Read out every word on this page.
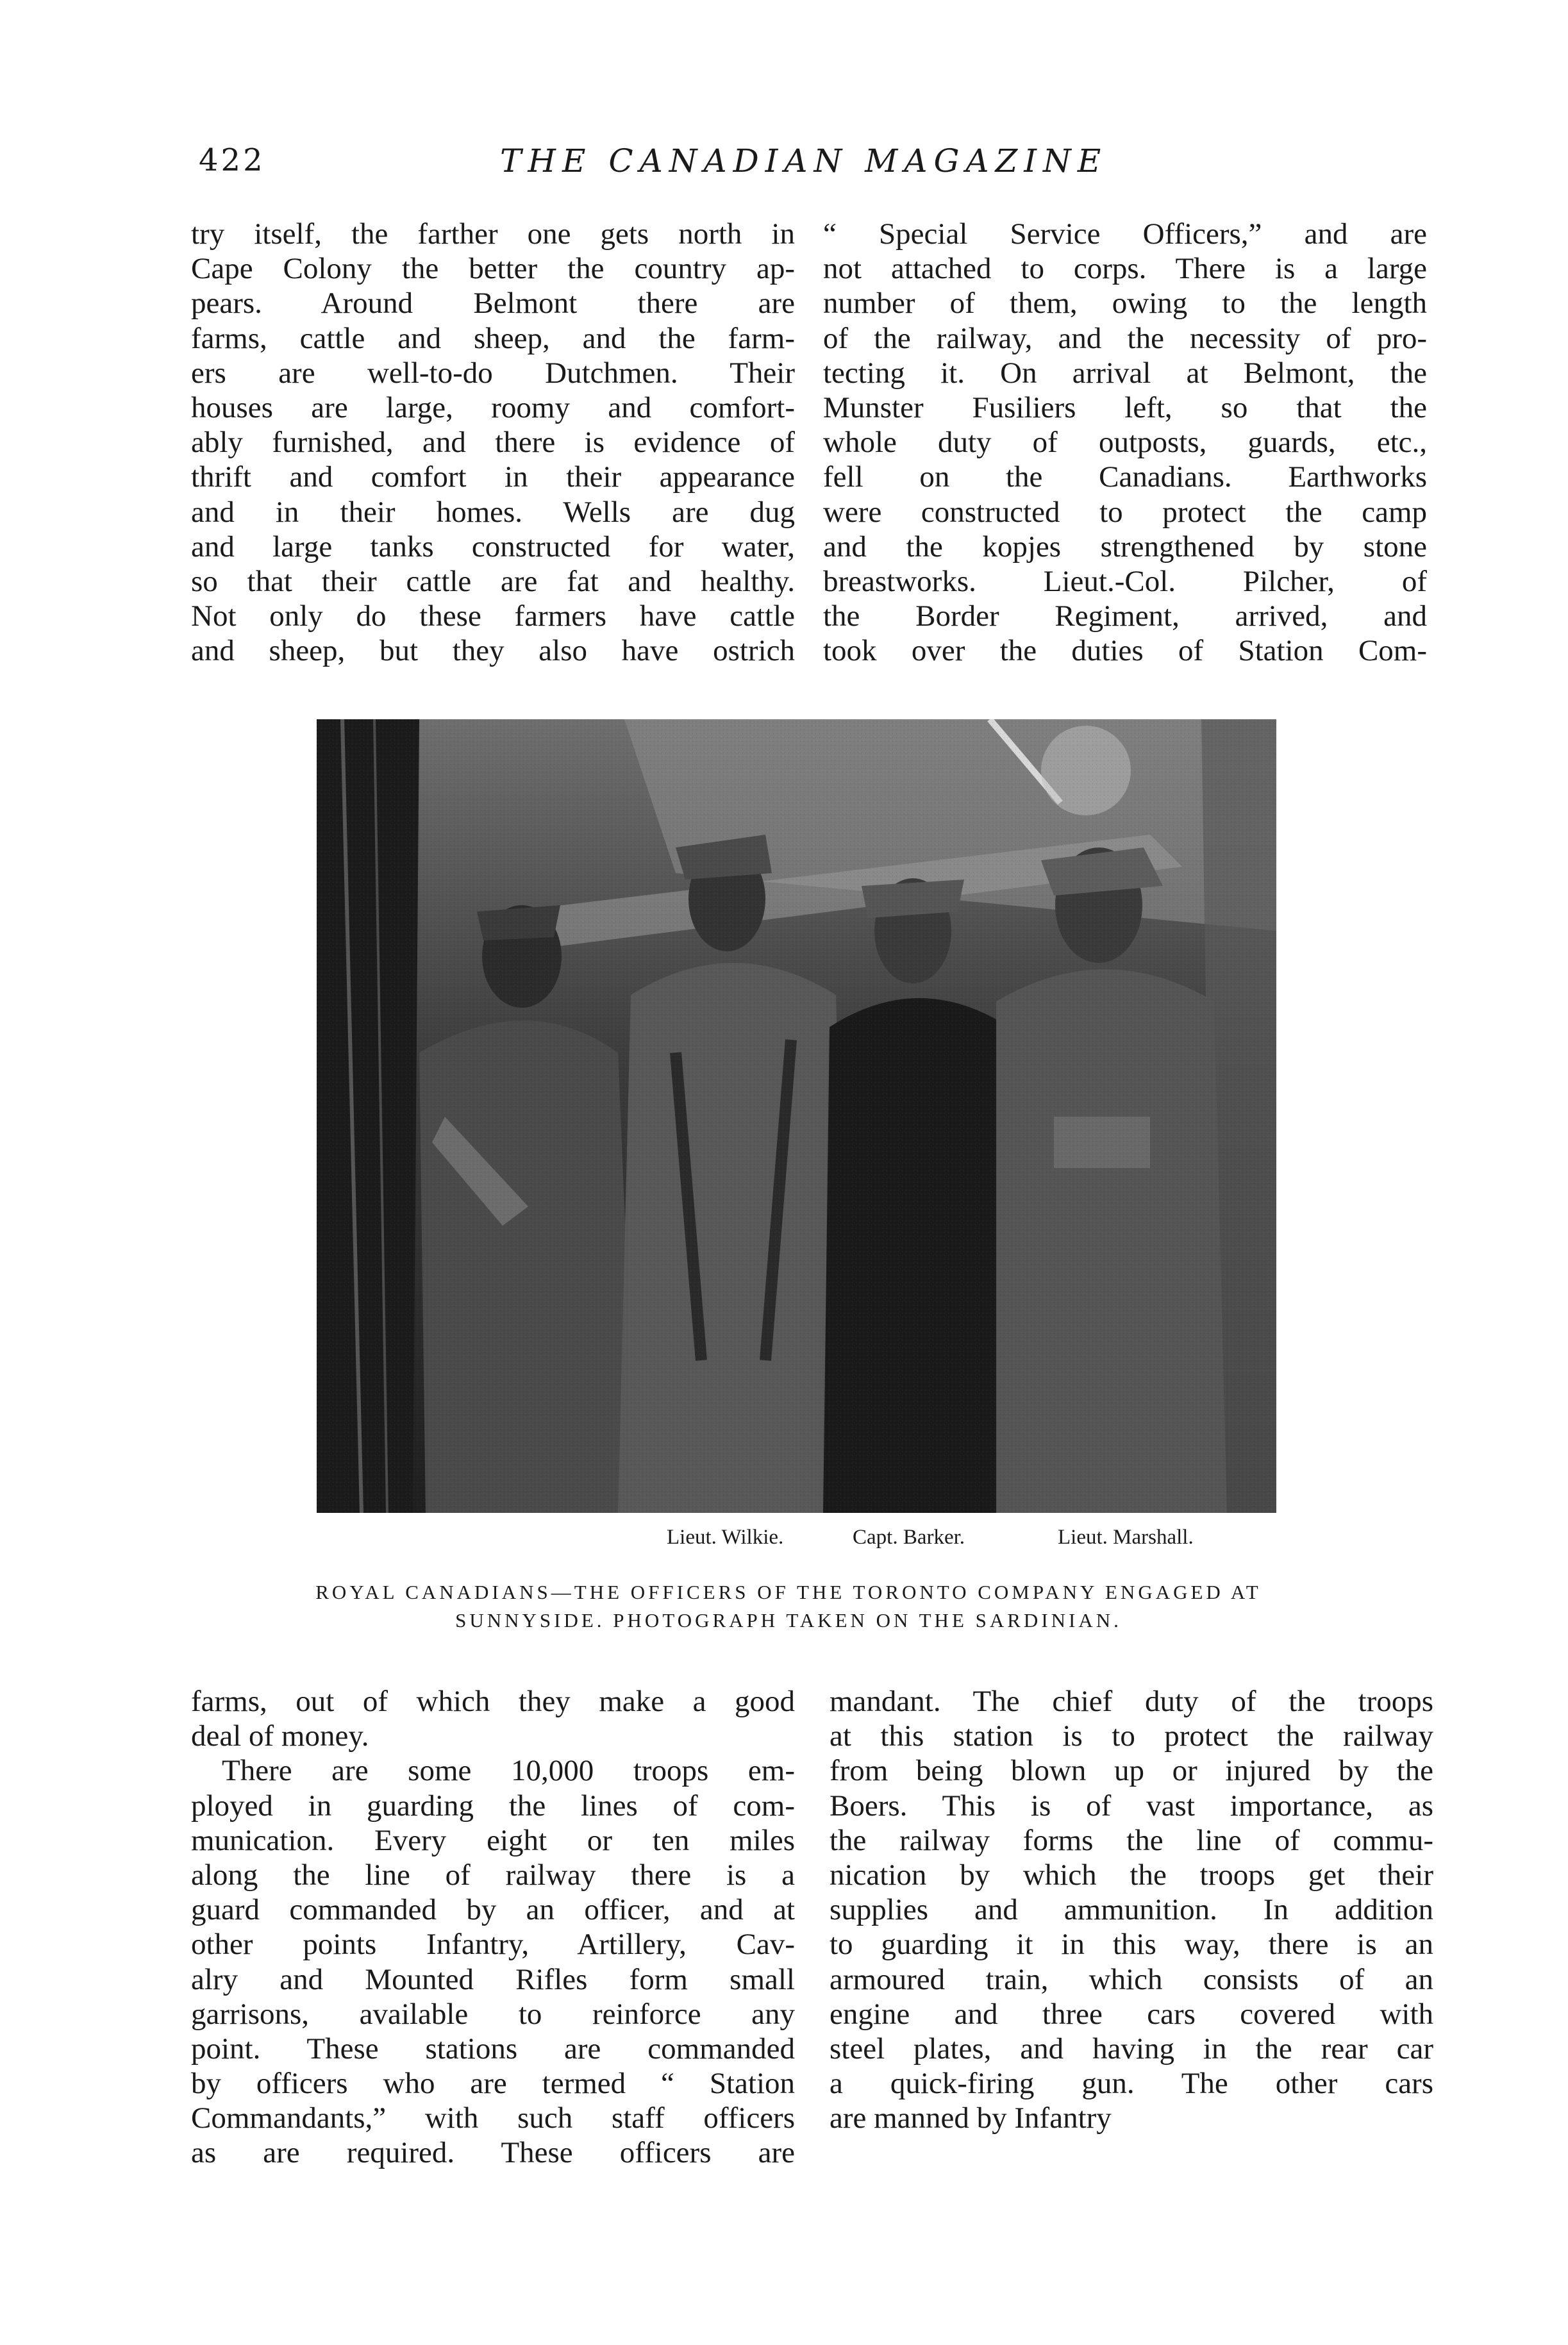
422	THE CANADIAN MAGAZINE
try itself, the farther one gets north in
Cape Colony the better the country ap-
pears. Around Belmont there are
farms, cattle and sheep, and the farm-
ers are well-to-do Dutchmen. Their
houses are large, roomy and comfort-
ably furnished, and there is evidence of
thrift and comfort in their appearance
and in their homes. Wells are dug
and large tanks constructed for water,
so that their cattle are fat and healthy.
Not only do these farmers have cattle
and sheep, but they also have ostrich
“ Special Service Officers,” and are
not attached to corps. There is a large
number of them, owing to the length
of the railway, and the necessity of pro-
tecting it. On arrival at Belmont, the
Munster Fusiliers left, so that the
whole duty of outposts, guards, etc.,
fell on the Canadians. Earthworks
were constructed to protect the camp
and the kopjes strengthened by stone
breastworks. Lieut.-Col. Pilcher, of
the Border Regiment, arrived, and
took over the duties of Station Com-
Lieut. Wilkie.	Capt. Barker.	Lieut. Marshall.
ROYAL CANADIANS—THE OFFICERS OF THE TORONTO COMPANY ENGAGED AT
SUNNYSIDE. PHOTOGRAPH TAKEN ON THE SARDINIAN.
farms, out of which they make a good
deal of money.
There are some 10,000 troops em-
ployed in guarding the lines of com-
munication. Every eight or ten miles
along the line of railway there is a
guard commanded by an officer, and at
other points Infantry, Artillery, Cav-
alry and Mounted Rifles form small
garrisons, available to reinforce any
point. These stations are commanded
by officers who are termed “ Station
Commandants,” with such staff officers
as are required. These officers are
mandant. The chief duty of the troops
at this station is to protect the railway
from being blown up or injured by the
Boers. This is of vast importance, as
the railway forms the line of commu-
nication by which the troops get their
supplies and ammunition. In addition
to guarding it in this way, there is an
armoured train, which consists of an
engine and three cars covered with
steel plates, and having in the rear car
a quick-firing gun. The other cars
are manned by Infantry
